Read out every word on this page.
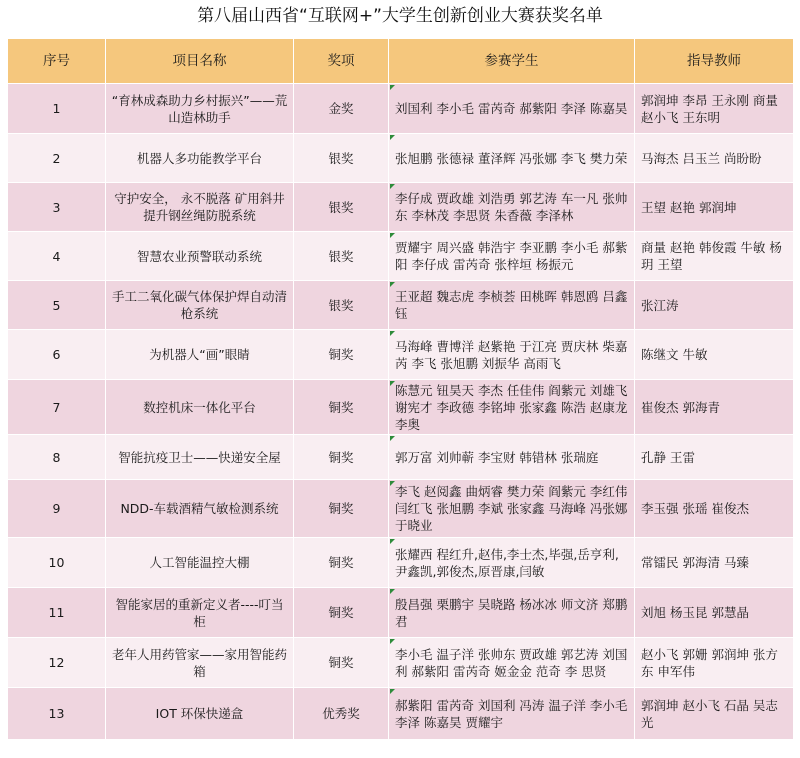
第八届山西省“互联网+”大学生创新创业大赛获奖名单
序号	项目名称	奖项	参赛学生	指导教师
1	“育林成森助力乡村振兴”——荒山造林助手	金奖	刘国利 李小毛 雷芮奇 郝紫阳 李泽 陈嘉昊	郭润坤 李昂 王永刚 商量 赵小飞 王东明
2	机器人多功能教学平台	银奖	张旭鹏 张德禄 董泽辉 冯张娜 李飞 樊力荣	马海杰 吕玉兰 尚盼盼
3	守护安全， 永不脱落 矿用斜井提升钢丝绳防脱系统	银奖	李仔成 贾政雄 刘浩勇 郭艺涛 车一凡 张帅东 李林茂 李思贤 朱香薇 李泽林	王望 赵艳 郭润坤
4	智慧农业预警联动系统	银奖	贾耀宇 周兴盛 韩浩宇 李亚鹏 李小毛 郝紫阳 李仔成 雷芮奇 张梓垣 杨振元	商量 赵艳 韩俊霞 牛敏 杨玥 王望
5	手工二氧化碳气体保护焊自动清枪系统	银奖	王亚超 魏志虎 李桢荟 田桃晖 韩恩鸥 吕鑫钰	张江涛
6	为机器人“画”眼睛	铜奖	马海峰 曹博洋 赵紫艳 于江亮 贾庆林 柴嘉芮 李飞 张旭鹏 刘振华 高雨飞	陈继文 牛敏
7	数控机床一体化平台	铜奖	陈慧元 钮昊天 李杰 任佳伟 阎紫元 刘雄飞 谢宪才 李政德 李铭坤 张家鑫 陈浩 赵康龙 李奥	崔俊杰 郭海青
8	智能抗疫卫士——快递安全屋	铜奖	郭万富 刘帅蕲 李宝财 韩错林 张瑞庭	孔静 王雷
9	NDD-车载酒精气敏检测系统	铜奖	李飞 赵阅鑫 曲炳睿 樊力荣 阎紫元 李红伟 闫红飞 张旭鹏 李斌 张家鑫 马海峰 冯张娜 于晓业	李玉强 张瑶 崔俊杰
10	人工智能温控大棚	铜奖	张耀西 程红升,赵伟,李士杰,毕强,岳亨利,尹鑫凯,郭俊杰,原晋康,闫敏	常镭民 郭海清 马臻
11	智能家居的重新定义者----叮当 柜	铜奖	殷昌强 栗鹏宇 吴晓路 杨冰冰 师文济 郑鹏君	刘旭 杨玉昆 郭慧晶
12	老年人用药管家——家用智能药 箱	铜奖	李小毛 温子洋 张帅东 贾政雄 郭艺涛 刘国利 郝紫阳 雷芮奇 姬金金 范奇 李 思贤	赵小飞 郭姗 郭润坤 张方东 申军伟
13	IOT 环保快递盒	优秀奖	郝紫阳 雷芮奇 刘国利 冯涛 温子洋 李小毛 李泽 陈嘉昊 贾耀宇	郭润坤 赵小飞 石晶 吴志光
